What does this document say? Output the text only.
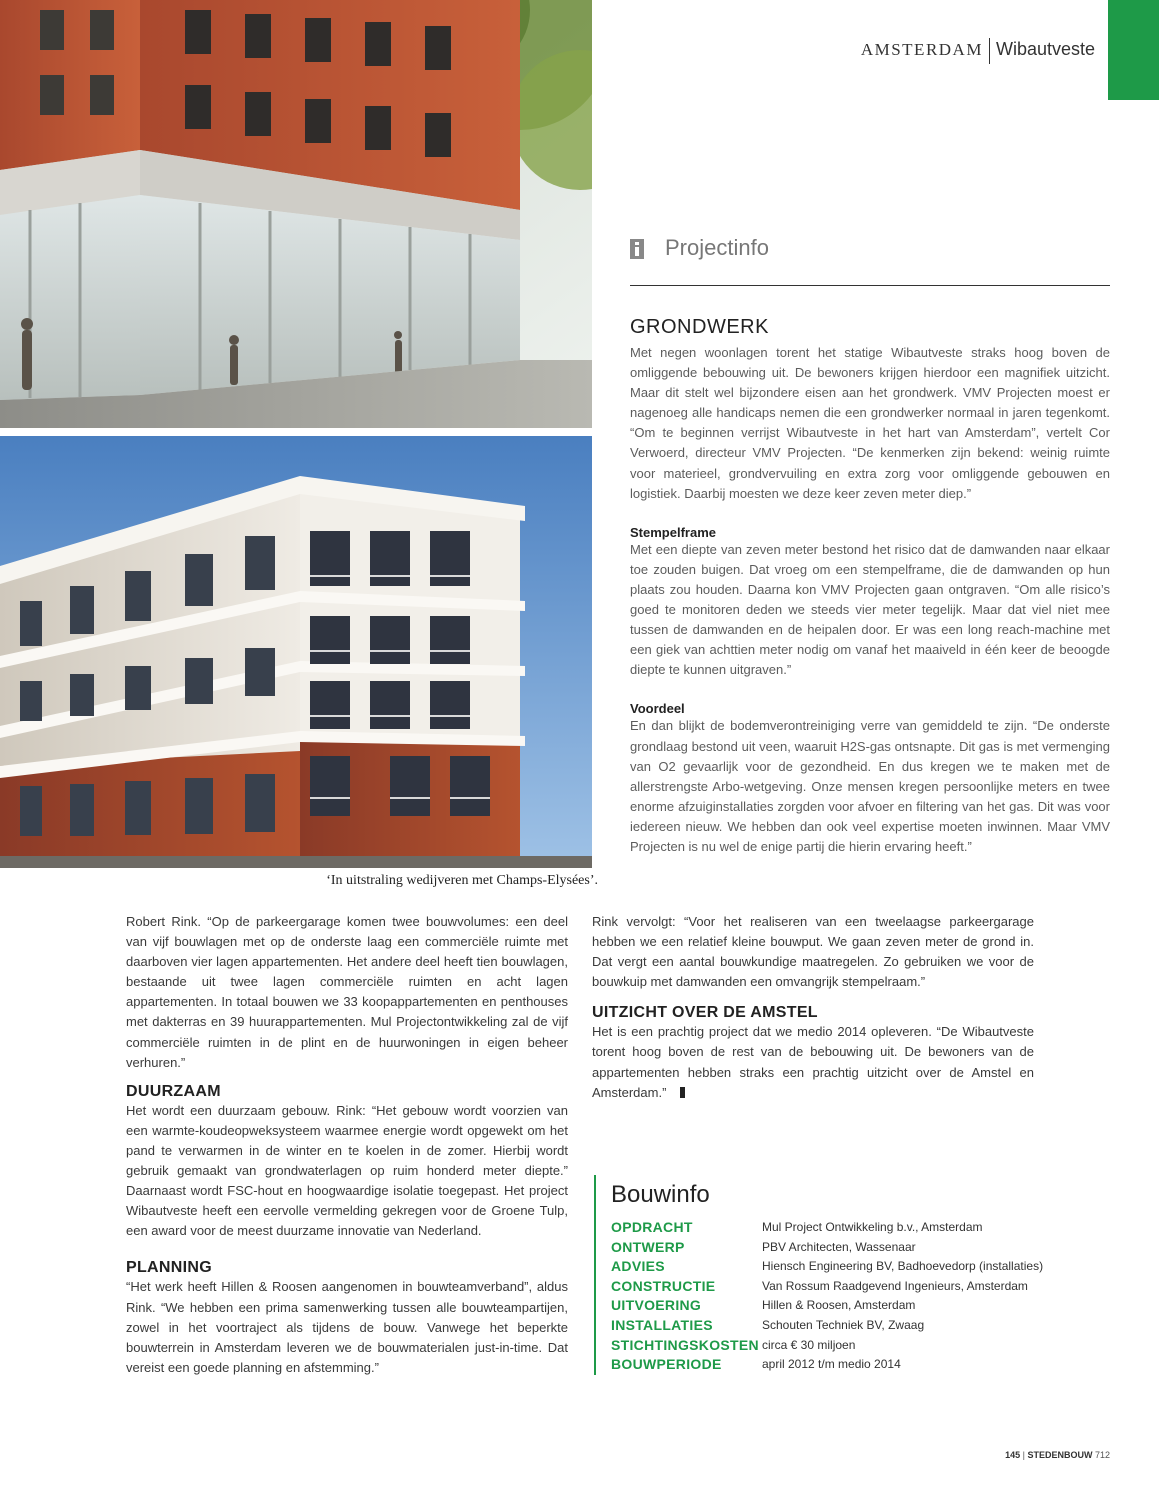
AMSTERDAM Wibautveste
‘In uitstraling wedijveren met Champs-Elysées’.
Projectinfo
GRONDWERK

Met negen woonlagen torent het statige Wibautveste straks hoog boven de omliggende bebouwing uit. De bewoners krijgen hierdoor een magnifiek uitzicht. Maar dit stelt wel bijzondere eisen aan het grondwerk. VMV Projecten moest er nagenoeg alle handicaps nemen die een grondwerker normaal in jaren tegenkomt. “Om te beginnen verrijst Wibautveste in het hart van Amsterdam”, vertelt Cor Verwoerd, directeur VMV Projecten. “De kenmerken zijn bekend: weinig ruimte voor materieel, grondvervuiling en extra zorg voor omliggende gebouwen en logistiek. Daarbij moesten we deze keer zeven meter diep.”

Stempelframe

Met een diepte van zeven meter bestond het risico dat de damwanden naar elkaar toe zouden buigen. Dat vroeg om een stempelframe, die de damwanden op hun plaats zou houden. Daarna kon VMV Projecten gaan ontgraven. “Om alle risico’s goed te monitoren deden we steeds vier meter tegelijk. Maar dat viel niet mee tussen de damwanden en de heipalen door. Er was een long reach-machine met een giek van achttien meter nodig om vanaf het maaiveld in één keer de beoogde diepte te kunnen uitgraven.”

Voordeel

En dan blijkt de bodemverontreiniging verre van gemiddeld te zijn. “De onderste grondlaag bestond uit veen, waaruit H2S-gas ontsnapte. Dit gas is met vermenging van O2 gevaarlijk voor de gezondheid. En dus kregen we te maken met de allerstrengste Arbo-wetgeving. Onze mensen kregen persoonlijke meters en twee enorme afzuiginstallaties zorgden voor afvoer en filtering van het gas. Dit was voor iedereen nieuw. We hebben dan ook veel expertise moeten inwinnen. Maar VMV Projecten is nu wel de enige partij die hierin ervaring heeft.”

Robert Rink. “Op de parkeergarage komen twee bouwvolumes: een deel van vijf bouwlagen met op de onderste laag een commerciële ruimte met daarboven vier lagen appartementen. Het andere deel heeft tien bouwlagen, bestaande uit twee lagen commerciële ruimten en acht lagen appartementen. In totaal bouwen we 33 koopappartementen en penthouses met dakterras en 39 huurappartementen. Mul Projectontwikkeling zal de vijf commerciële ruimten in de plint en de huurwoningen in eigen beheer verhuren.”

DUURZAAM

Het wordt een duurzaam gebouw. Rink: “Het gebouw wordt voorzien van een warmte-koudeopweksysteem waarmee energie wordt opgewekt om het pand te verwarmen in de winter en te koelen in de zomer. Hierbij wordt gebruik gemaakt van grondwaterlagen op ruim honderd meter diepte.” Daarnaast wordt FSC-hout en hoogwaardige isolatie toegepast. Het project Wibautveste heeft een eervolle vermelding gekregen voor de Groene Tulp, een award voor de meest duurzame innovatie van Nederland.

PLANNING

“Het werk heeft Hillen & Roosen aangenomen in bouwteamverband”, aldus Rink. “We hebben een prima samenwerking tussen alle bouwteampartijen, zowel in het voortraject als tijdens de bouw. Vanwege het beperkte bouwterrein in Amsterdam leveren we de bouwmaterialen just-in-time. Dat vereist een goede planning en afstemming.”

Rink vervolgt: “Voor het realiseren van een tweelaagse parkeergarage hebben we een relatief kleine bouwput. We gaan zeven meter de grond in. Dat vergt een aantal bouwkundige maatregelen. Zo gebruiken we voor de bouwkuip met damwanden een omvangrijk stempelraam.”

UITZICHT OVER DE AMSTEL

Het is een prachtig project dat we medio 2014 opleveren. “De Wibautveste torent hoog boven de rest van de bebouwing uit. De bewoners van de appartementen hebben straks een prachtig uitzicht over de Amstel en Amsterdam.”

Bouwinfo
OPDRACHT	Mul Project Ontwikkeling b.v., Amsterdam
ONTWERP	PBV Architecten, Wassenaar
ADVIES	Hiensch Engineering BV, Badhoevedorp (installaties)
CONSTRUCTIE	Van Rossum Raadgevend Ingenieurs, Amsterdam
UITVOERING	Hillen & Roosen, Amsterdam
INSTALLATIES	Schouten Techniek BV, Zwaag
STICHTINGSKOSTEN circa € 30 miljoen
BOUWPERIODE	april 2012 t/m medio 2014
145 | STEDENBOUW 712
